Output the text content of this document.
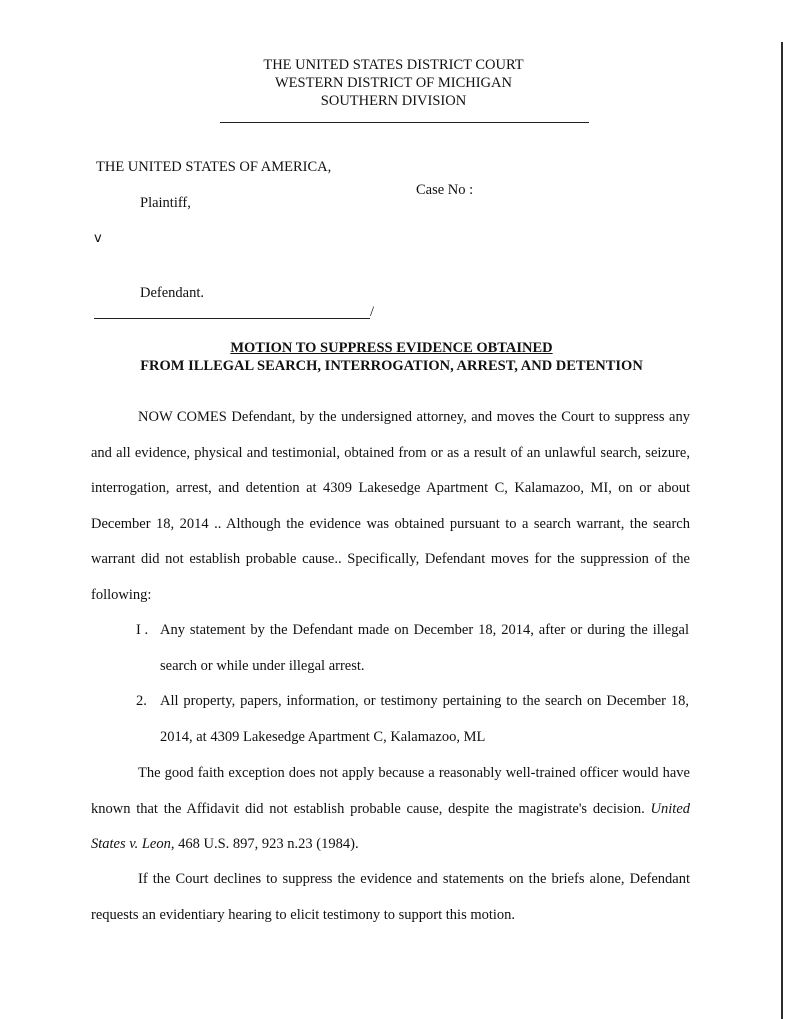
THE UNITED STATES DISTRICT COURT
WESTERN DISTRICT OF MICHIGAN
SOUTHERN DIVISION
THE UNITED STATES OF AMERICA,
Case No :
Plaintiff,
v
Defendant.
/
MOTION TO SUPPRESS EVIDENCE OBTAINED
FROM ILLEGAL SEARCH, INTERROGATION, ARREST, AND DETENTION
NOW COMES Defendant, by the undersigned attorney, and moves the Court to suppress any and all evidence, physical and testimonial, obtained from or as a result of an unlawful search, seizure, interrogation, arrest, and detention at 4309 Lakesedge Apartment C, Kalamazoo, MI, on or about December 18, 2014 .. Although the evidence was obtained pursuant to a search warrant, the search warrant did not establish probable cause.. Specifically, Defendant moves for the suppression of the following:
I . Any statement by the Defendant made on December 18, 2014, after or during the illegal search or while under illegal arrest.
2. All property, papers, information, or testimony pertaining to the search on December 18, 2014, at 4309 Lakesedge Apartment C, Kalamazoo, ML
The good faith exception does not apply because a reasonably well-trained officer would have known that the Affidavit did not establish probable cause, despite the magistrate's decision. United States v. Leon, 468 U.S. 897, 923 n.23 (1984).
If the Court declines to suppress the evidence and statements on the briefs alone, Defendant requests an evidentiary hearing to elicit testimony to support this motion.
